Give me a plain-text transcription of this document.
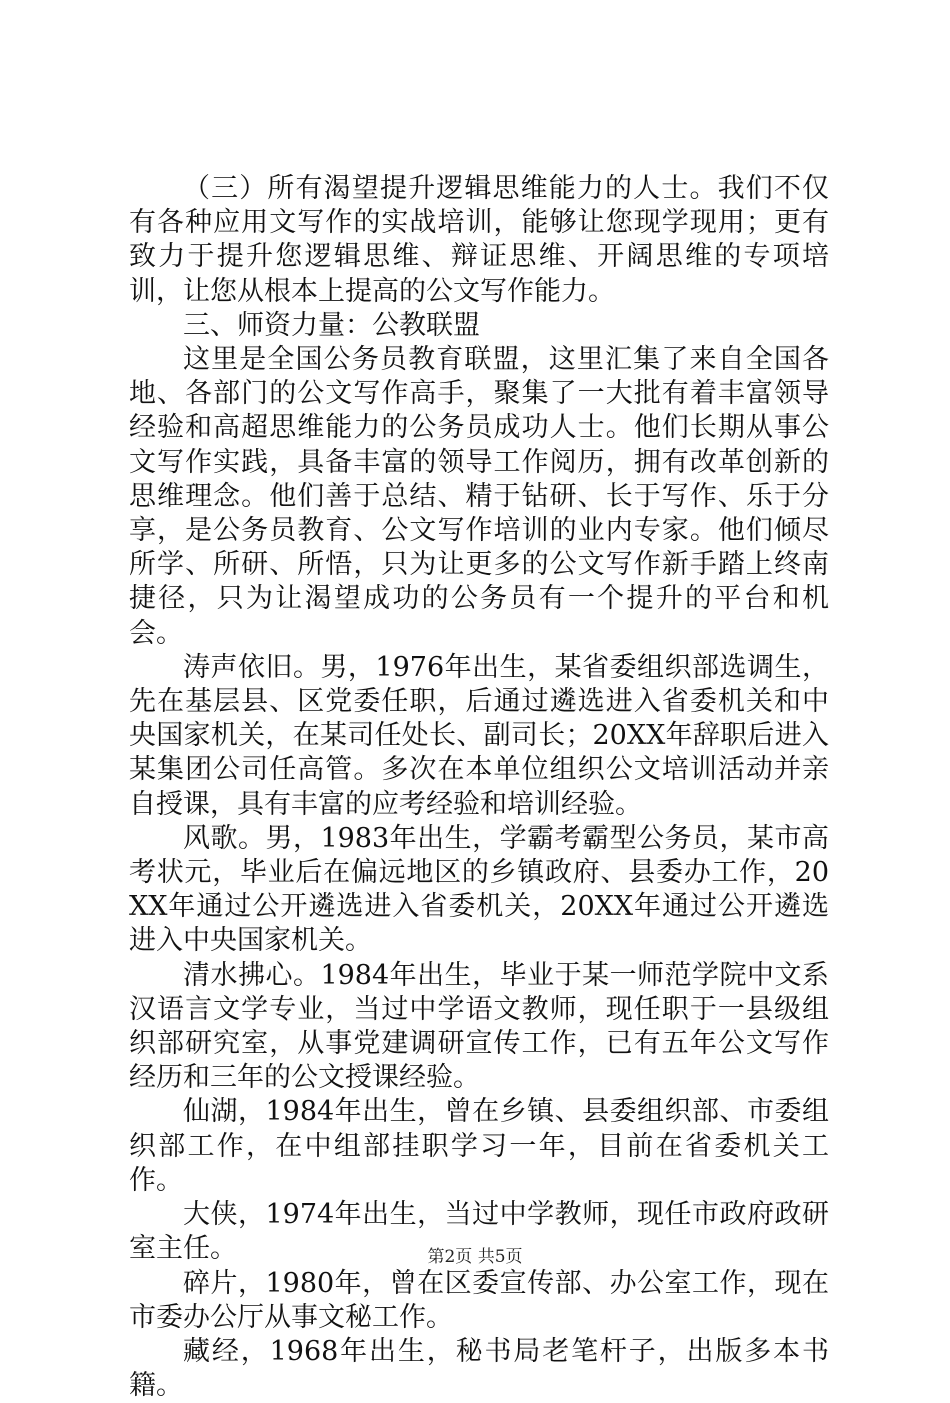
（三）所有渴望提升逻辑思维能力的人士。我们不仅有各种应用文写作的实战培训，能够让您现学现用；更有致力于提升您逻辑思维、辩证思维、开阔思维的专项培训，让您从根本上提高的公文写作能力。

三、师资力量：公教联盟

这里是全国公务员教育联盟，这里汇集了来自全国各地、各部门的公文写作高手，聚集了一大批有着丰富领导经验和高超思维能力的公务员成功人士。他们长期从事公文写作实践，具备丰富的领导工作阅历，拥有改革创新的思维理念。他们善于总结、精于钻研、长于写作、乐于分享，是公务员教育、公文写作培训的业内专家。他们倾尽所学、所研、所悟，只为让更多的公文写作新手踏上终南捷径，只为让渴望成功的公务员有一个提升的平台和机会。

涛声依旧。男，1976年出生，某省委组织部选调生，先在基层县、区党委任职，后通过遴选进入省委机关和中央国家机关，在某司任处长、副司长；20XX年辞职后进入某集团公司任高管。多次在本单位组织公文培训活动并亲自授课，具有丰富的应考经验和培训经验。

风歌。男，1983年出生，学霸考霸型公务员，某市高考状元，毕业后在偏远地区的乡镇政府、县委办工作，20XX年通过公开遴选进入省委机关，20XX年通过公开遴选进入中央国家机关。

清水拂心。1984年出生，毕业于某一师范学院中文系汉语言文学专业，当过中学语文教师，现任职于一县级组织部研究室，从事党建调研宣传工作，已有五年公文写作经历和三年的公文授课经验。

仙湖，1984年出生，曾在乡镇、县委组织部、市委组织部工作，在中组部挂职学习一年，目前在省委机关工作。

大侠，1974年出生，当过中学教师，现任市政府政研室主任。

碎片，1980年，曾在区委宣传部、办公室工作，现在市委办公厅从事文秘工作。

藏经，1968年出生，秘书局老笔杆子，出版多本书籍。

第2页 共5页
